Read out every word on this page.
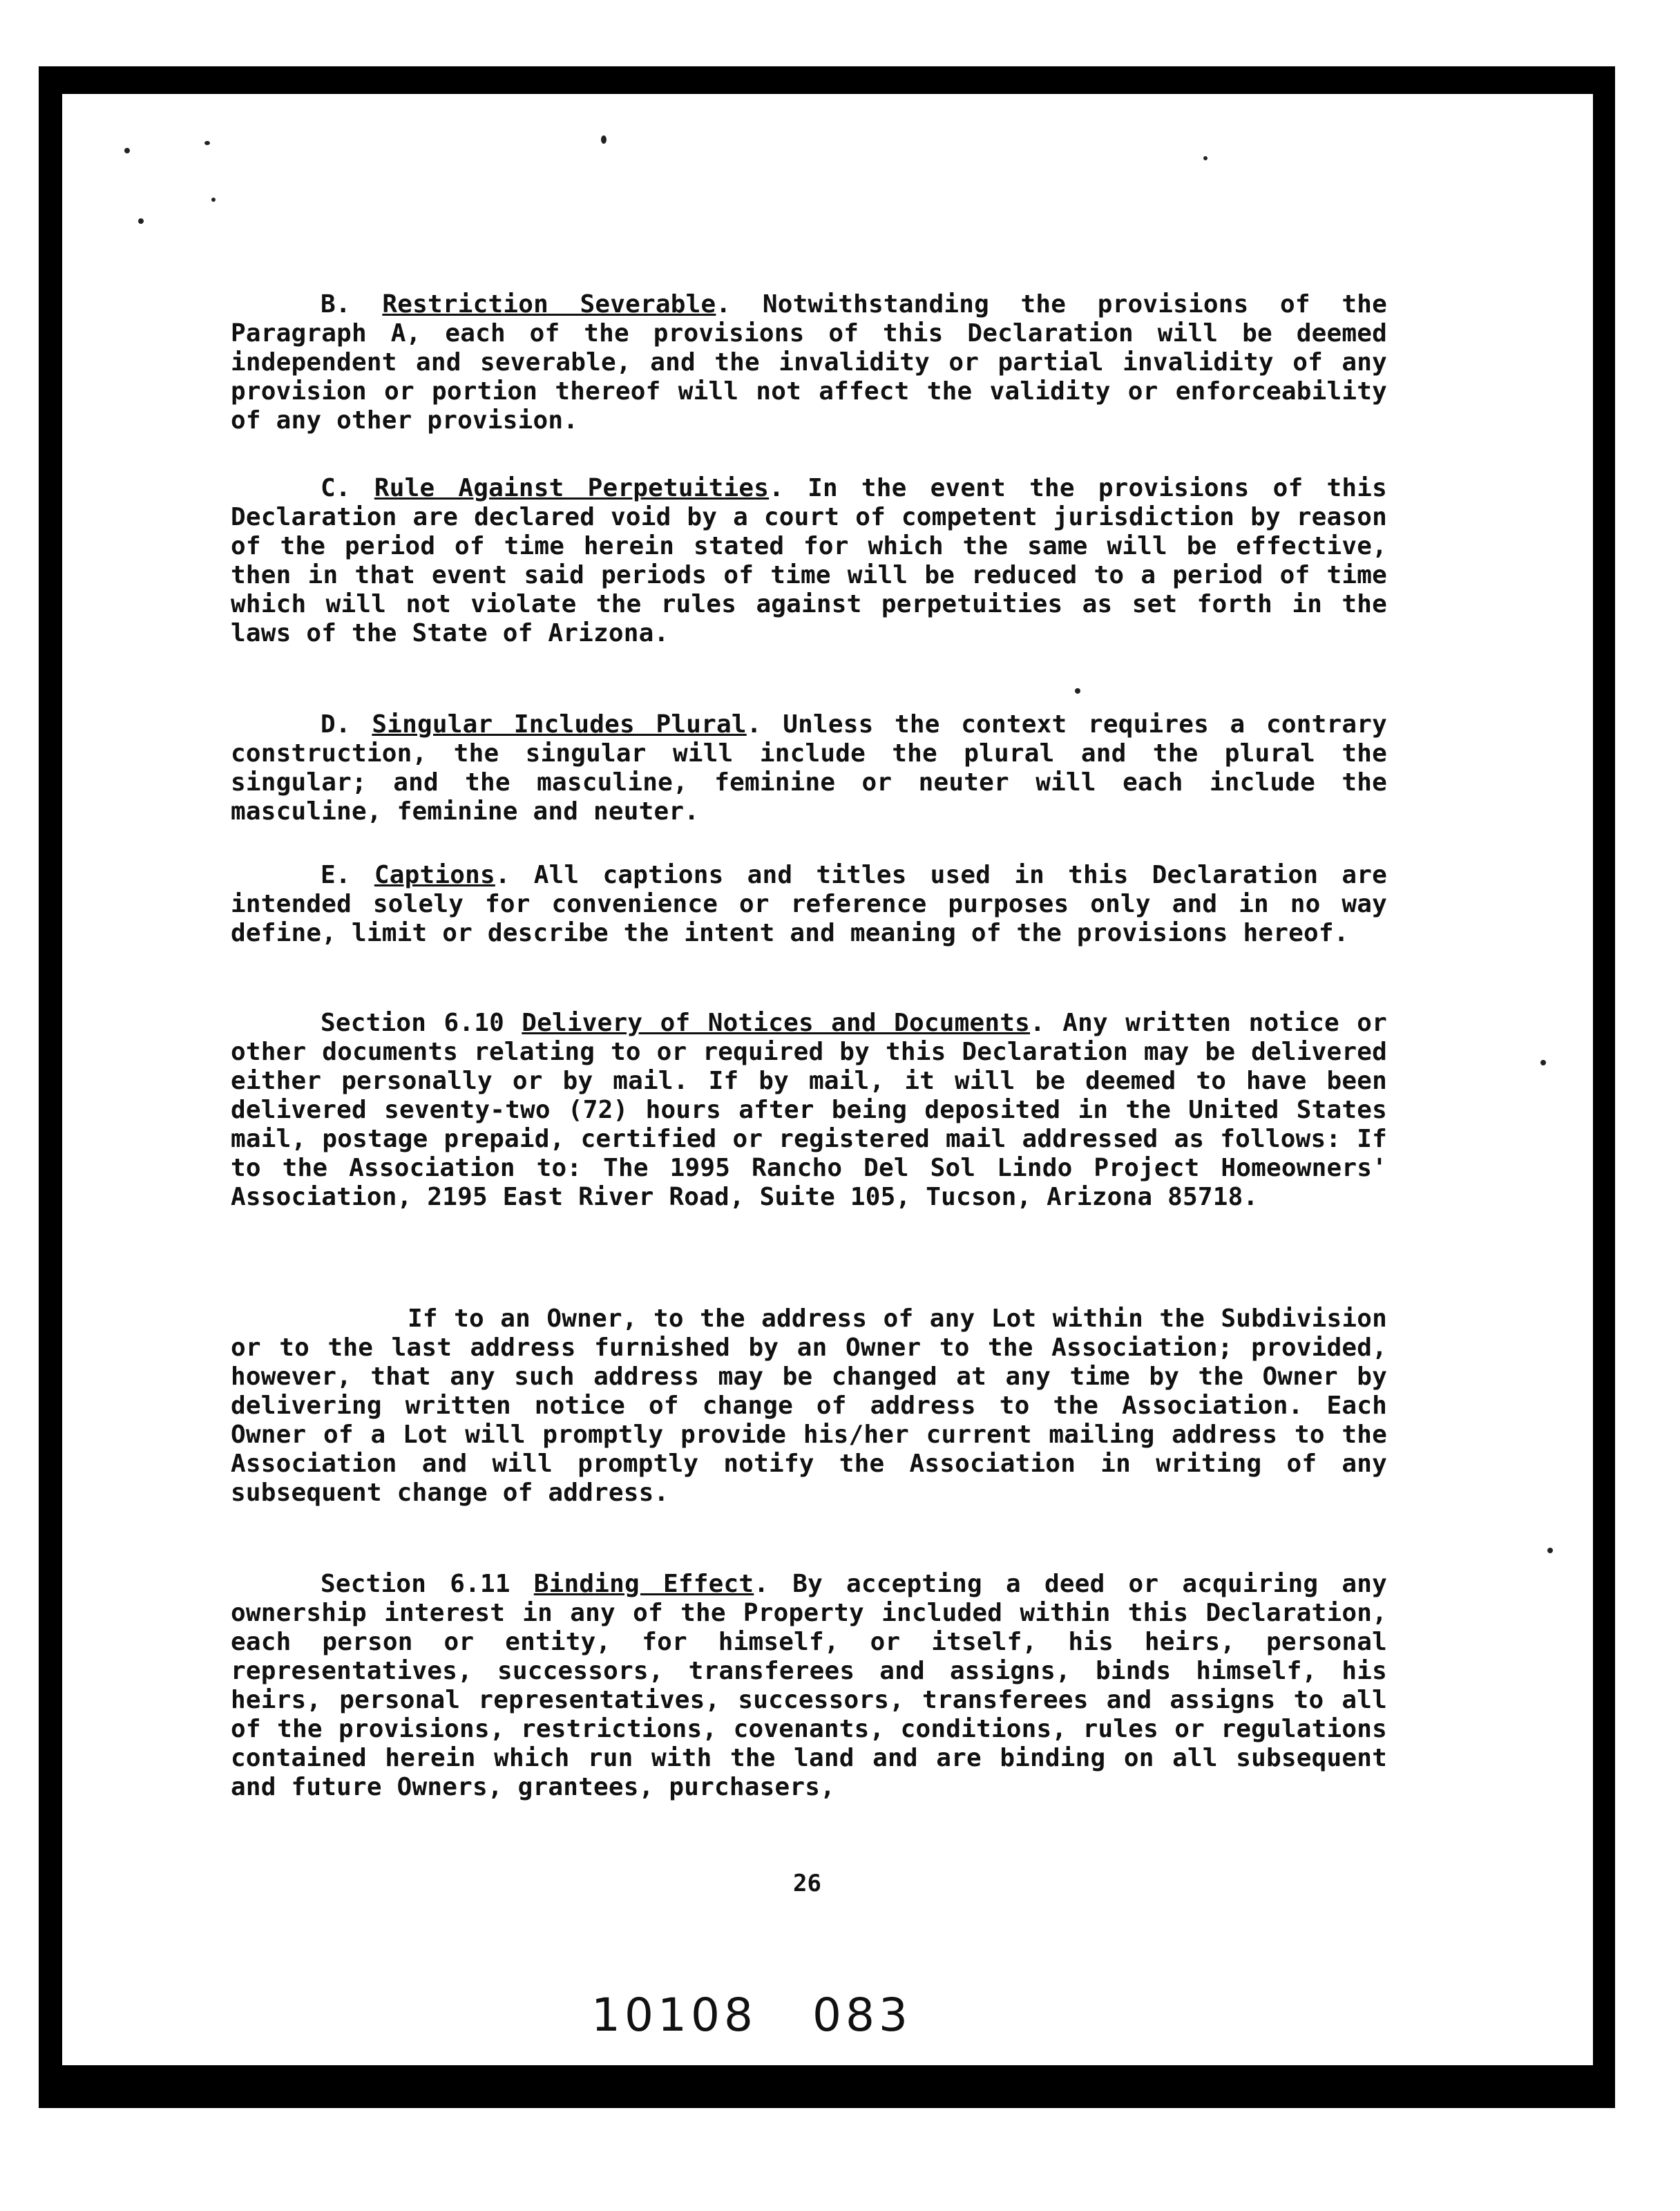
B. Restriction Severable. Notwithstanding the provisions of the Paragraph A, each of the provisions of this Declaration will be deemed independent and severable, and the invalidity or partial invalidity of any provision or portion thereof will not affect the validity or enforceability of any other provision.
C. Rule Against Perpetuities. In the event the provisions of this Declaration are declared void by a court of competent jurisdiction by reason of the period of time herein stated for which the same will be effective, then in that event said periods of time will be reduced to a period of time which will not violate the rules against perpetuities as set forth in the laws of the State of Arizona.
D. Singular Includes Plural. Unless the context requires a contrary construction, the singular will include the plural and the plural the singular; and the masculine, feminine or neuter will each include the masculine, feminine and neuter.
E. Captions. All captions and titles used in this Declaration are intended solely for convenience or reference purposes only and in no way define, limit or describe the intent and meaning of the provisions hereof.
Section 6.10 Delivery of Notices and Documents. Any written notice or other documents relating to or required by this Declaration may be delivered either personally or by mail. If by mail, it will be deemed to have been delivered seventy-two (72) hours after being deposited in the United States mail, postage prepaid, certified or registered mail addressed as follows: If to the Association to: The 1995 Rancho Del Sol Lindo Project Homeowners' Association, 2195 East River Road, Suite 105, Tucson, Arizona 85718.
If to an Owner, to the address of any Lot within the Subdivision or to the last address furnished by an Owner to the Association; provided, however, that any such address may be changed at any time by the Owner by delivering written notice of change of address to the Association. Each Owner of a Lot will promptly provide his/her current mailing address to the Association and will promptly notify the Association in writing of any subsequent change of address.
Section 6.11 Binding Effect. By accepting a deed or acquiring any ownership interest in any of the Property included within this Declaration, each person or entity, for himself, or itself, his heirs, personal representatives, successors, transferees and assigns, binds himself, his heirs, personal representatives, successors, transferees and assigns to all of the provisions, restrictions, covenants, conditions, rules or regulations contained herein which run with the land and are binding on all subsequent and future Owners, grantees, purchasers,
26
10108 083
